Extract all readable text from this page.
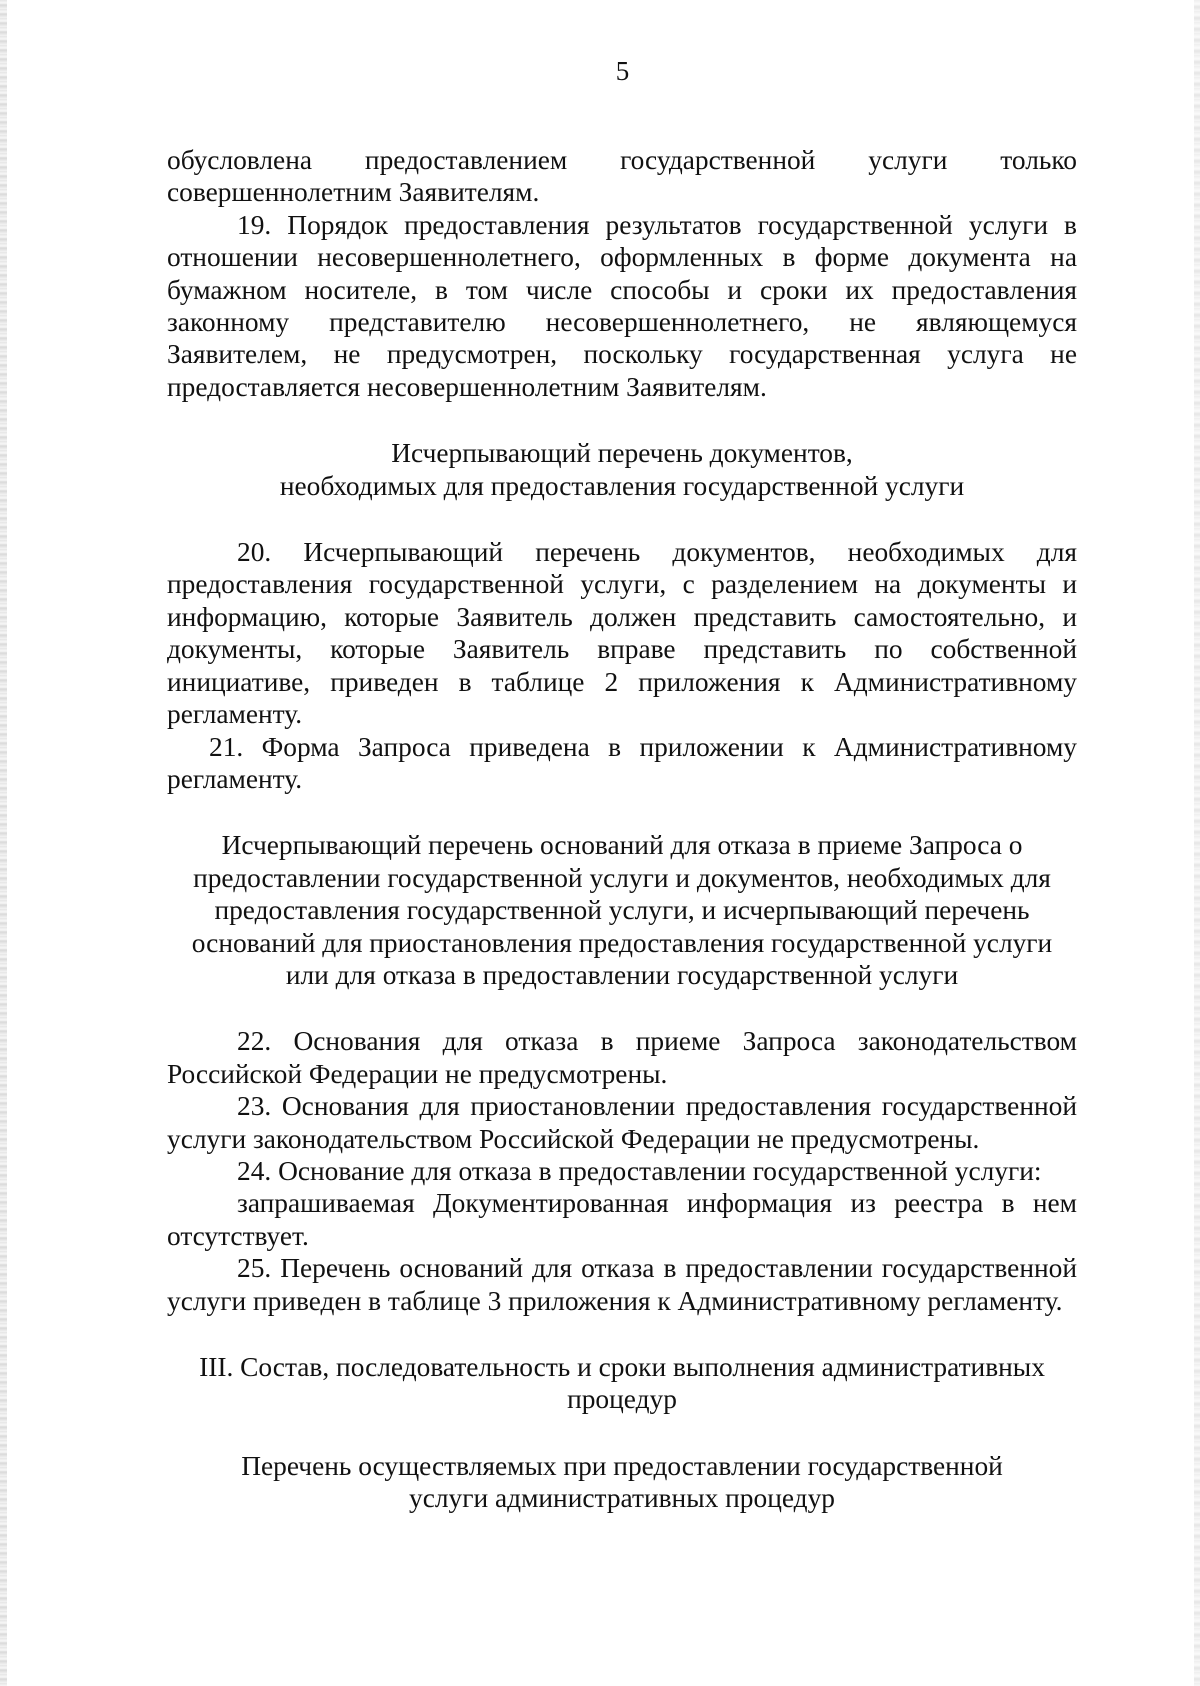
5

обусловлена предоставлением государственной услуги только совершеннолетним Заявителям.

19. Порядок предоставления результатов государственной услуги в отношении несовершеннолетнего, оформленных в форме документа на бумажном носителе, в том числе способы и сроки их предоставления законному представителю несовершеннолетнего, не являющемуся Заявителем, не предусмотрен, поскольку государственная услуга не предоставляется несовершеннолетним Заявителям.

Исчерпывающий перечень документов,

необходимых для предоставления государственной услуги

20. Исчерпывающий перечень документов, необходимых для предоставления государственной услуги, с разделением на документы и информацию, которые Заявитель должен представить самостоятельно, и документы, которые Заявитель вправе представить по собственной инициативе, приведен в таблице 2 приложения к Административному регламенту.

21. Форма Запроса приведена в приложении к Административному регламенту.

Исчерпывающий перечень оснований для отказа в приеме Запроса о

предоставлении государственной услуги и документов, необходимых для

предоставления государственной услуги, и исчерпывающий перечень

оснований для приостановления предоставления государственной услуги

или для отказа в предоставлении государственной услуги

22. Основания для отказа в приеме Запроса законодательством Российской Федерации не предусмотрены.

23. Основания для приостановлении предоставления государственной услуги законодательством Российской Федерации не предусмотрены.

24. Основание для отказа в предоставлении государственной услуги:

запрашиваемая Документированная информация из реестра в нем отсутствует.

25. Перечень оснований для отказа в предоставлении государственной услуги приведен в таблице 3 приложения к Административному регламенту.

III. Состав, последовательность и сроки выполнения административных

процедур

Перечень осуществляемых при предоставлении государственной

услуги административных процедур
